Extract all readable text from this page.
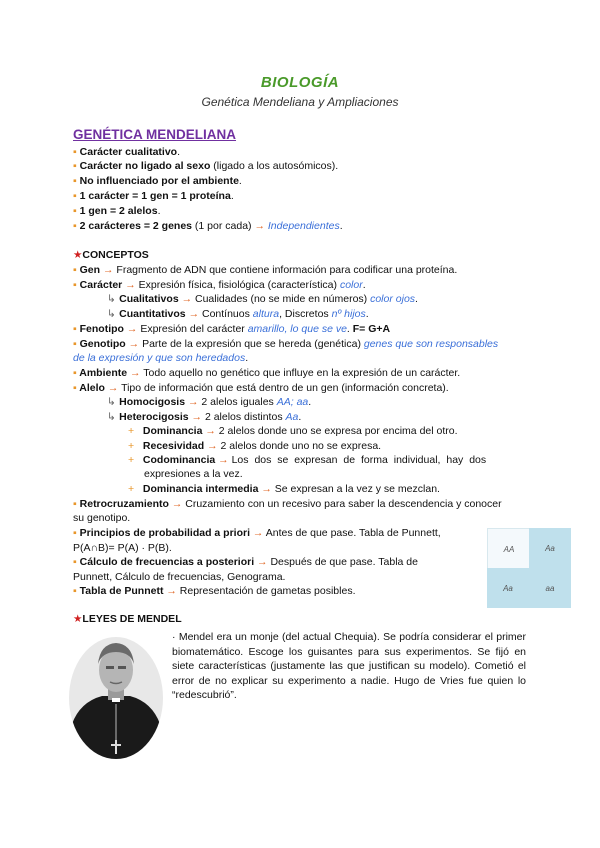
BIOLOGÍA
Genética Mendeliana y Ampliaciones
GENÉTICA MENDELIANA
▪ Carácter cualitativo.
▪ Carácter no ligado al sexo (ligado a los autosómicos).
▪ No influenciado por el ambiente.
▪ 1 carácter = 1 gen = 1 proteína.
▪ 1 gen = 2 alelos.
▪ 2 carácteres = 2 genes (1 por cada) → Independientes.
★CONCEPTOS
▪ Gen → Fragmento de ADN que contiene información para codificar una proteína.
▪ Carácter → Expresión física, fisiológica (característica) color.
↳ Cualitativos → Cualidades (no se mide en números) color ojos.
↳ Cuantitativos → Contínuos altura, Discretos nº hijos.
▪ Fenotipo → Expresión del carácter amarillo, lo que se ve. F= G+A
▪ Genotipo → Parte de la expresión que se hereda (genética) genes que son responsables
de la expresión y que son heredados.
▪ Ambiente → Todo aquello no genético que influye en la expresión de un carácter.
▪ Alelo → Tipo de información que está dentro de un gen (información concreta).
↳ Homocigosis → 2 alelos iguales AA; aa.
↳ Heterocigosis → 2 alelos distintos Aa.
+   Dominancia → 2 alelos donde uno se expresa por encima del otro.
+   Recesividad → 2 alelos donde uno no se expresa.
+   Codominancia → Los dos se expresan de forma individual, hay dos
expresiones a la vez.
+   Dominancia intermedia → Se expresan a la vez y se mezclan.
▪ Retrocruzamiento → Cruzamiento con un recesivo para saber la descendencia y conocer
su genotipo.
▪ Principios de probabilidad a priori → Antes de que pase. Tabla de Punnett,
P(A∩B)= P(A) · P(B).
▪ Cálculo de frecuencias a posteriori → Después de que pase. Tabla de
Punnett, Cálculo de frecuencias, Genograma.
▪ Tabla de Punnett → Representación de gametas posibles.
AA	Aa
Aa	aa
★LEYES DE MENDEL
· Mendel era un monje (del actual Chequia). Se podría considerar el primer biomatemático. Escoge los guisantes para sus experimentos. Se fijó en siete características (justamente las que justifican su modelo). Cometió el error de no explicar su experimento a nadie. Hugo de Vries fue quien lo “redescubrió”.
